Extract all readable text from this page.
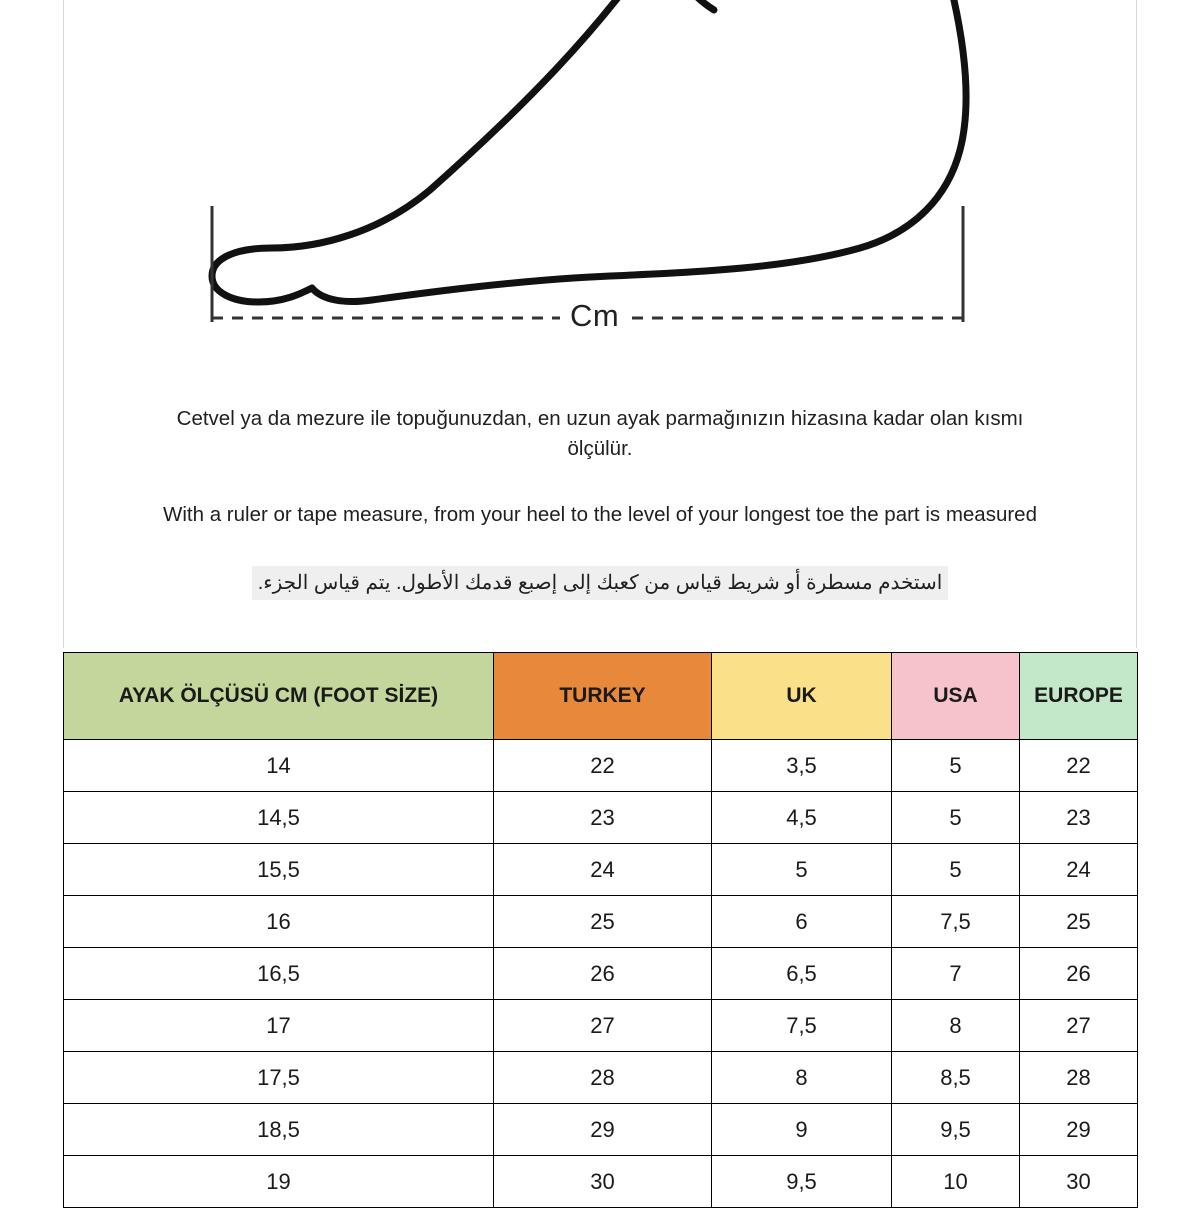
Cm
Cetvel ya da mezure ile topuğunuzdan, en uzun ayak parmağınızın hizasına kadar olan kısmı ölçülür.
With a ruler or tape measure, from your heel to the level of your longest toe the part is measured
استخدم مسطرة أو شريط قياس من كعبك إلى إصبع قدمك الأطول. يتم قياس الجزء.
AYAK ÖLÇÜSÜ CM (FOOT SİZE)	TURKEY	UK	USA	EUROPE
14	22	3,5	5	22
14,5	23	4,5	5	23
15,5	24	5	5	24
16	25	6	7,5	25
16,5	26	6,5	7	26
17	27	7,5	8	27
17,5	28	8	8,5	28
18,5	29	9	9,5	29
19	30	9,5	10	30
